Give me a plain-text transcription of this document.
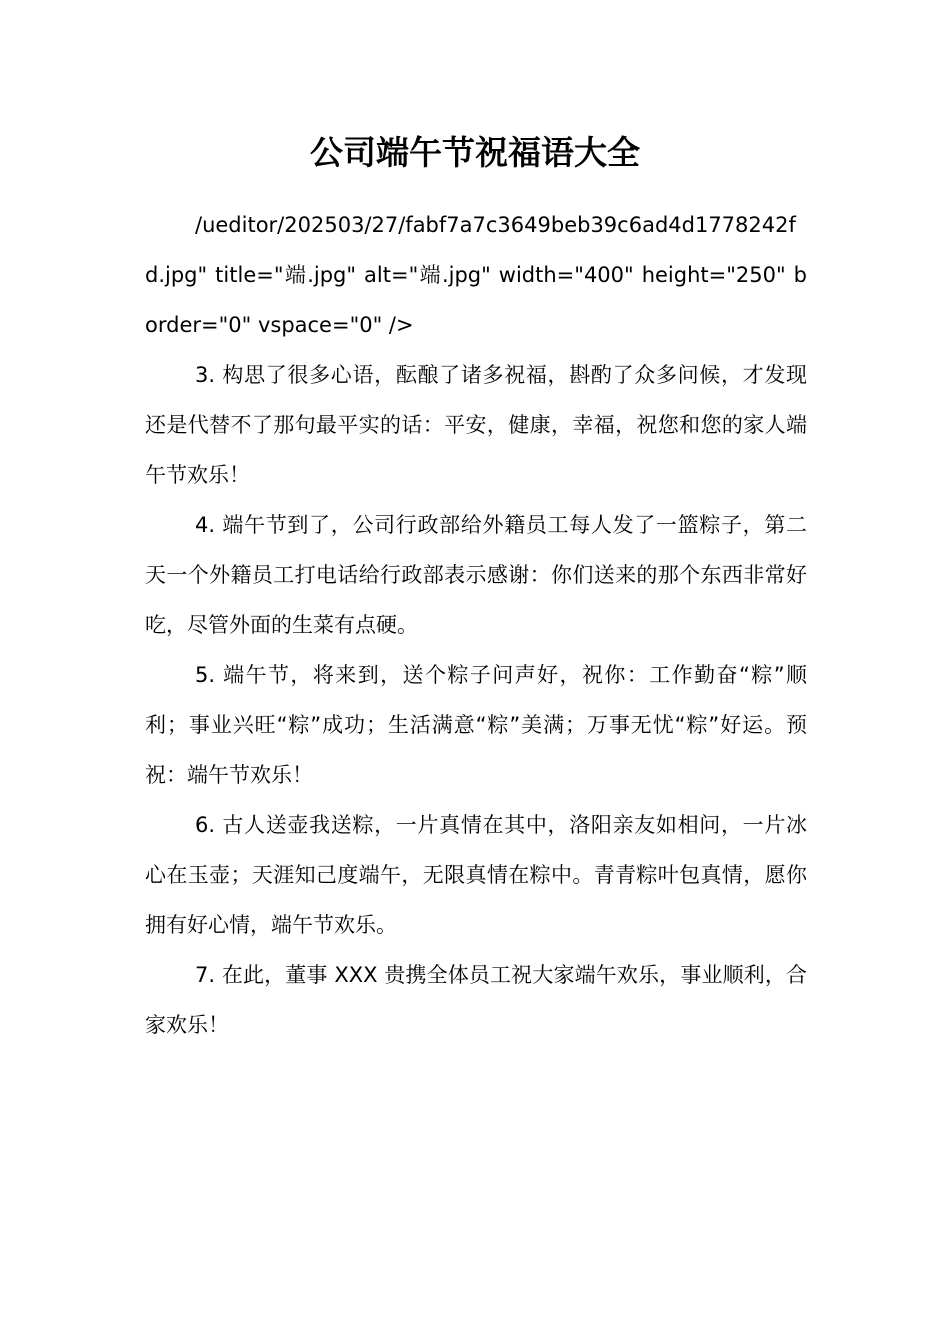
公司端午节祝福语大全

/ueditor/202503/27/fabf7a7c3649beb39c6ad4d1778242fd.jpg" title="端.jpg" alt="端.jpg" width="400" height="250" border="0" vspace="0" />

3. 构思了很多心语，酝酿了诸多祝福，斟酌了众多问候，才发现还是代替不了那句最平实的话：平安，健康，幸福，祝您和您的家人端午节欢乐！

4. 端午节到了，公司行政部给外籍员工每人发了一篮粽子，第二天一个外籍员工打电话给行政部表示感谢：你们送来的那个东西非常好吃，尽管外面的生菜有点硬。

5. 端午节，将来到，送个粽子问声好，祝你：工作勤奋“粽”顺利；事业兴旺“粽”成功；生活满意“粽”美满；万事无忧“粽”好运。预祝：端午节欢乐！

6. 古人送壶我送粽，一片真情在其中，洛阳亲友如相问，一片冰心在玉壶；天涯知己度端午，无限真情在粽中。青青粽叶包真情，愿你拥有好心情，端午节欢乐。

7. 在此，董事 XXX 贵携全体员工祝大家端午欢乐，事业顺利，合家欢乐！
